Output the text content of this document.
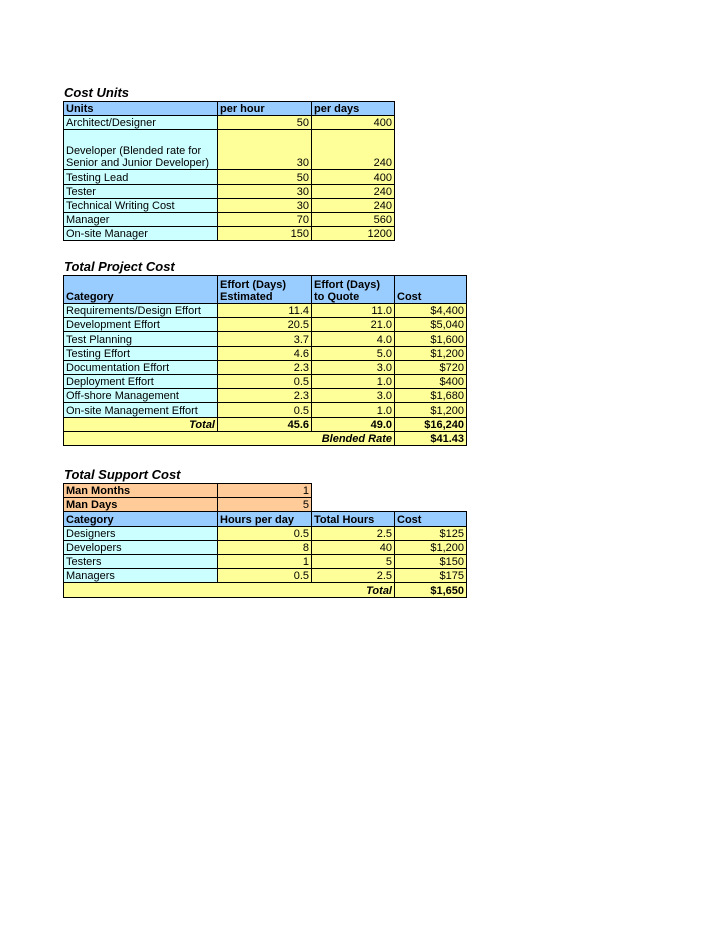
Cost Units
Units	per hour	per days
Architect/Designer	50	400
Developer (Blended rate for Senior and Junior Developer)	30	240
Testing Lead	50	400
Tester	30	240
Technical Writing Cost	30	240
Manager	70	560
On-site Manager	150	1200
Total Project Cost
Category	Effort (Days) Estimated	Effort (Days) to Quote	Cost
Requirements/Design Effort	11.4	11.0	$4,400
Development Effort	20.5	21.0	$5,040
Test Planning	3.7	4.0	$1,600
Testing Effort	4.6	5.0	$1,200
Documentation Effort	2.3	3.0	$720
Deployment Effort	0.5	1.0	$400
Off-shore Management	2.3	3.0	$1,680
On-site Management Effort	0.5	1.0	$1,200
Total	45.6	49.0	$16,240
Blended Rate			$41.43
Total Support Cost
Man Months	1		
Man Days	5		
Category	Hours per day	Total Hours	Cost
Designers	0.5	2.5	$125
Developers	8	40	$1,200
Testers	1	5	$150
Managers	0.5	2.5	$175
Total			$1,650
